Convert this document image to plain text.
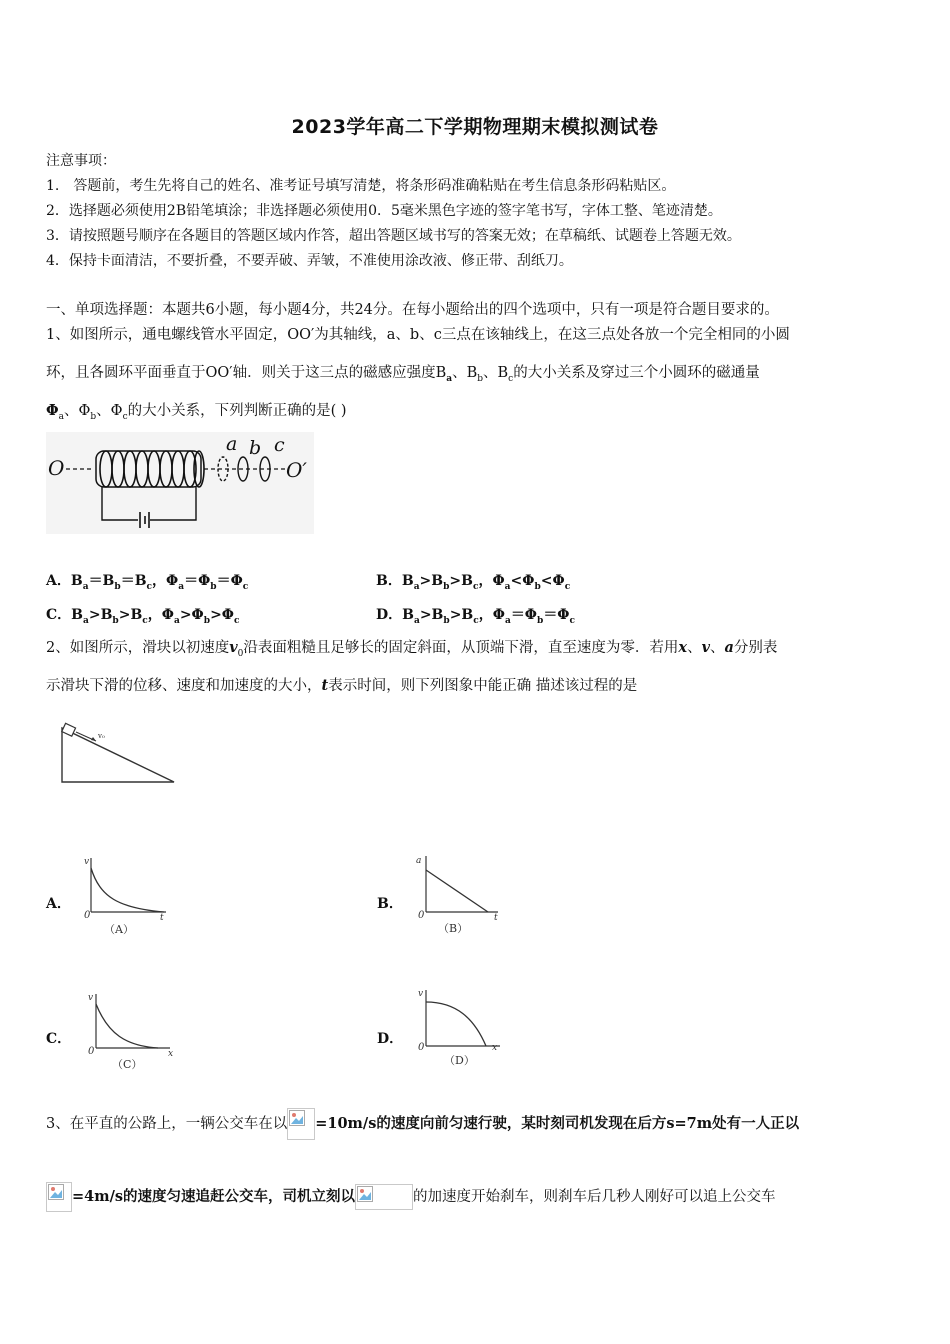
2023学年高二下学期物理期末模拟测试卷
注意事项：
1.　答题前，考生先将自己的姓名、准考证号填写清楚，将条形码准确粘贴在考生信息条形码粘贴区。
2．选择题必须使用2B铅笔填涂；非选择题必须使用0．5毫米黑色字迹的签字笔书写，字体工整、笔迹清楚。
3．请按照题号顺序在各题目的答题区域内作答，超出答题区域书写的答案无效；在草稿纸、试题卷上答题无效。
4．保持卡面清洁，不要折叠，不要弄破、弄皱，不准使用涂改液、修正带、刮纸刀。
一、单项选择题：本题共6小题，每小题4分，共24分。在每小题给出的四个选项中，只有一项是符合题目要求的。
1、如图所示，通电螺线管水平固定，OO′为其轴线，a、b、c三点在该轴线上，在这三点处各放一个完全相同的小圆
环，且各圆环平面垂直于OO′轴．则关于这三点的磁感应强度$B_a$、$B_b$、$B_c$的大小关系及穿过三个小圆环的磁通量
$\Phi_a$、$\Phi_b$、$\Phi_c$的大小关系，下列判断正确的是( )
O
a b c
O′
A．$B_a=B_b=B_c$，$\Phi_a=\Phi_b=\Phi_c$	B．$B_a>B_b>B_c$，$\Phi_a<\Phi_b<\Phi_c$
C．$B_a>B_b>B_c$，$\Phi_a>\Phi_b>\Phi_c$	D．$B_a>B_b>B_c$，$\Phi_a=\Phi_b=\Phi_c$
2、如图所示，滑块以初速度$v_0$沿表面粗糙且足够长的固定斜面，从顶端下滑，直至速度为零．若用x、v、a分别表
示滑块下滑的位移、速度和加速度的大小，t表示时间，则下列图象中能正确 描述该过程的是
v₀
A．
v
t
0
（A）
B．
a
t
0
（B）
C．
v
x
0
（C）
D．
v
x
0
（D）
3、在平直的公路上，一辆公交车在以 =10m/s的速度向前匀速行驶，某时刻司机发现在后方s=7m处有一人正以
=4m/s的速度匀速追赶公交车，司机立刻以	的加速度开始刹车，则刹车后几秒人刚好可以追上公交车
